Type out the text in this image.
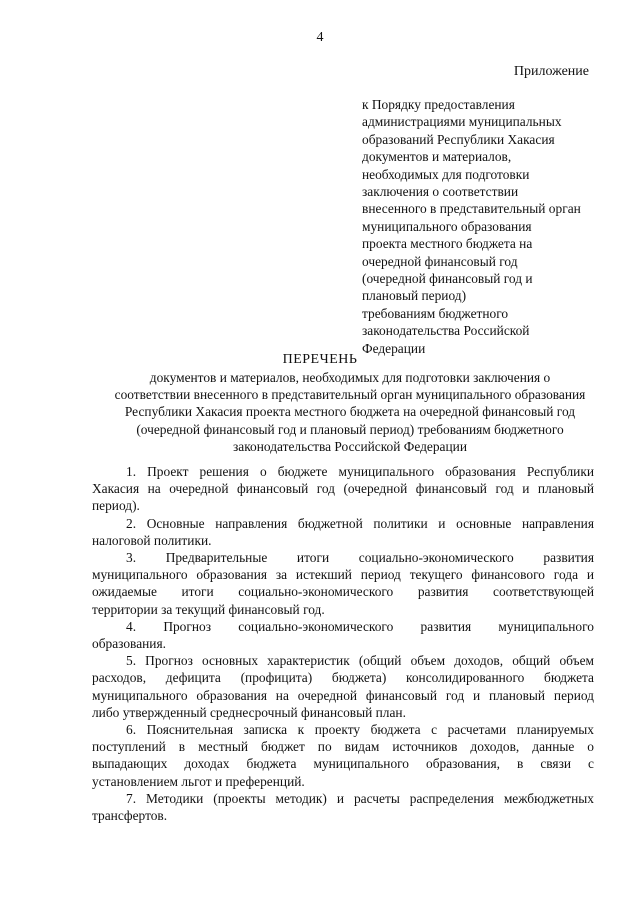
4
Приложение
к Порядку предоставления
администрациями муниципальных
образований Республики Хакасия
документов и материалов,
необходимых для подготовки
заключения о соответствии
внесенного в представительный орган
муниципального образования
проекта местного бюджета на
очередной финансовый год
(очередной финансовый год и
плановый период)
требованиям бюджетного
законодательства Российской
Федерации
ПЕРЕЧЕНЬ
документов и материалов, необходимых для подготовки заключения о
соответствии внесенного в представительный орган муниципального образования
Республики Хакасия проекта местного бюджета на очередной финансовый год
(очередной финансовый год и плановый период) требованиям бюджетного
законодательства Российской Федерации
1. Проект решения о бюджете муниципального образования Республики
Хакасия на очередной финансовый год (очередной финансовый год и плановый
период).
2. Основные направления бюджетной политики и основные направления
налоговой политики.
3. Предварительные итоги социально-экономического развития
муниципального образования за истекший период текущего финансового года и
ожидаемые итоги социально-экономического развития соответствующей
территории за текущий финансовый год.
4. Прогноз социально-экономического развития муниципального
образования.
5. Прогноз основных характеристик (общий объем доходов, общий объем
расходов, дефицита (профицита) бюджета) консолидированного бюджета
муниципального образования на очередной финансовый год и плановый период
либо утвержденный среднесрочный финансовый план.
6. Пояснительная записка к проекту бюджета с расчетами планируемых
поступлений в местный бюджет по видам источников доходов, данные о
выпадающих доходах бюджета муниципального образования, в связи с
установлением льгот и преференций.
7. Методики (проекты методик) и расчеты распределения межбюджетных
трансфертов.
